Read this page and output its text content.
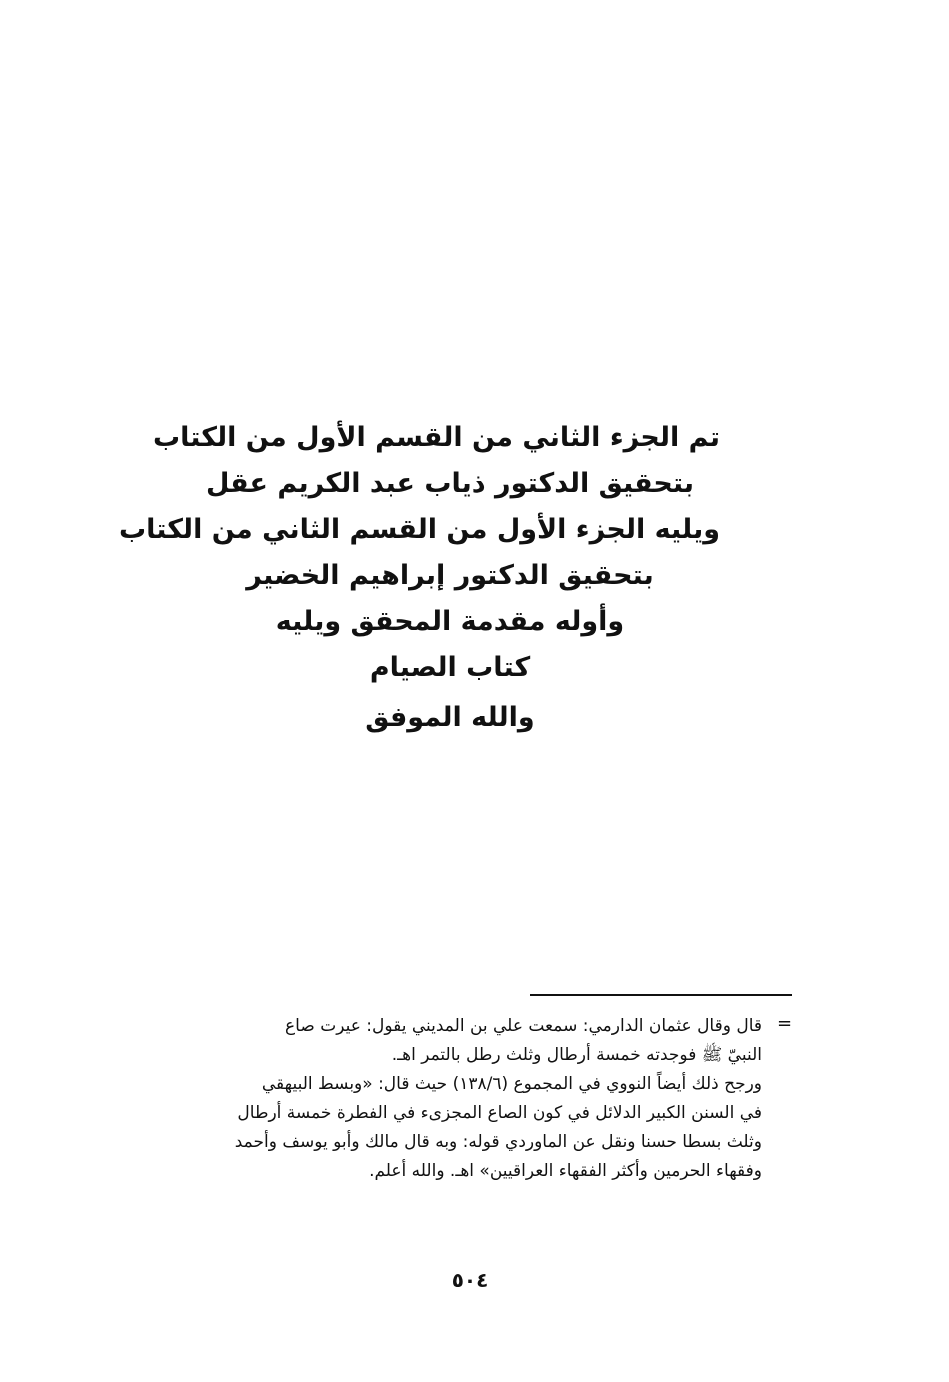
تم الجزء الثاني من القسم الأول من الكتاب
بتحقيق الدكتور ذياب عبد الكريم عقل
ويليه الجزء الأول من القسم الثاني من الكتاب
بتحقيق الدكتور إبراهيم الخضير
وأوله مقدمة المحقق ويليه
كتاب الصيام
والله الموفق
=
قال وقال عثمان الدارمي: سمعت علي بن المديني يقول: عيرت صاع
النبيّ ﷺ فوجدته خمسة أرطال وثلث رطل بالتمر اهـ.
ورجح ذلك أيضاً النووي في المجموع (١٣٨/٦) حيث قال: «وبسط البيهقي
في السنن الكبير الدلائل في كون الصاع المجزىء في الفطرة خمسة أرطال
وثلث بسطا حسنا ونقل عن الماوردي قوله: وبه قال مالك وأبو يوسف وأحمد
وفقهاء الحرمين وأكثر الفقهاء العراقيين» اهـ. والله أعلم.
٥٠٤
